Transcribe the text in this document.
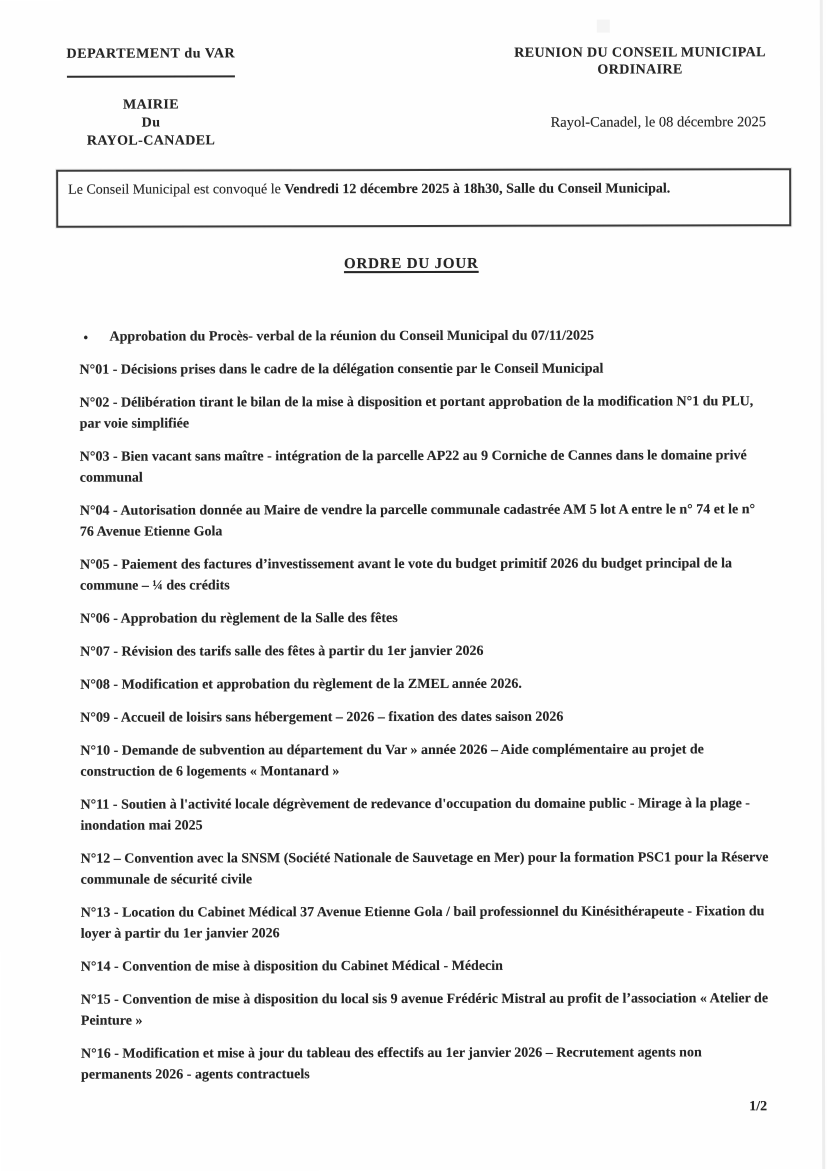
DEPARTEMENT du VAR
MAIRIE
Du
RAYOL-CANADEL
REUNION DU CONSEIL MUNICIPAL
ORDINAIRE
Rayol-Canadel, le 08 décembre 2025
Le Conseil Municipal est convoqué le Vendredi 12 décembre 2025 à 18h30, Salle du Conseil Municipal.
ORDRE DU JOUR
•	Approbation du Procès- verbal de la réunion du Conseil Municipal du 07/11/2025
N°01 - Décisions prises dans le cadre de la délégation consentie par le Conseil Municipal
N°02 - Délibération tirant le bilan de la mise à disposition et portant approbation de la modification N°1 du PLU, par voie simplifiée
N°03 - Bien vacant sans maître - intégration de la parcelle AP22 au 9 Corniche de Cannes dans le domaine privé communal
N°04 - Autorisation donnée au Maire de vendre la parcelle communale cadastrée AM 5 lot A entre le n° 74 et le n° 76 Avenue Etienne Gola
N°05 - Paiement des factures d’investissement avant le vote du budget primitif 2026 du budget principal de la commune – ¼ des crédits
N°06 - Approbation du règlement de la Salle des fêtes
N°07 - Révision des tarifs salle des fêtes à partir du 1er janvier 2026
N°08 - Modification et approbation du règlement de la ZMEL année 2026.
N°09 - Accueil de loisirs sans hébergement – 2026 – fixation des dates saison 2026
N°10 - Demande de subvention au département du Var » année 2026 – Aide complémentaire au projet de construction de 6 logements « Montanard »
N°11 - Soutien à l'activité locale dégrèvement de redevance d'occupation du domaine public - Mirage à la plage - inondation mai 2025
N°12 – Convention avec la SNSM (Société Nationale de Sauvetage en Mer) pour la formation PSC1 pour la Réserve communale de sécurité civile
N°13 - Location du Cabinet Médical 37 Avenue Etienne Gola / bail professionnel du Kinésithérapeute - Fixation du loyer à partir du 1er janvier 2026
N°14 - Convention de mise à disposition du Cabinet Médical - Médecin
N°15 - Convention de mise à disposition du local sis 9 avenue Frédéric Mistral au profit de l’association « Atelier de Peinture »
N°16 - Modification et mise à jour du tableau des effectifs au 1er janvier 2026 – Recrutement agents non permanents 2026 - agents contractuels
1/2
